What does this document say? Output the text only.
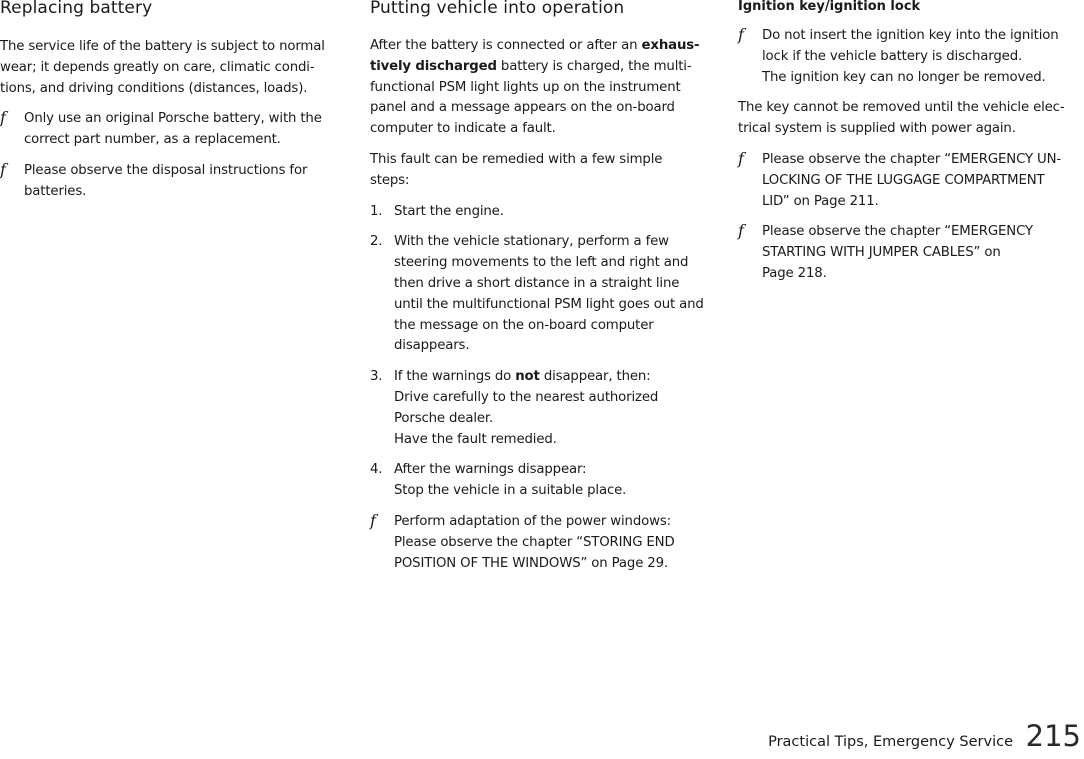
Replacing battery

The service life of the battery is subject to normal
wear; it depends greatly on care, climatic condi-
tions, and driving conditions (distances, loads).

f Only use an original Porsche battery, with the
correct part number, as a replacement.
f Please observe the disposal instructions for
batteries.
Putting vehicle into operation

After the battery is connected or after an exhaus-
tively discharged battery is charged, the multi-
functional PSM light lights up on the instrument
panel and a message appears on the on-board
computer to indicate a fault.

This fault can be remedied with a few simple
steps:

1. Start the engine.
2. With the vehicle stationary, perform a few
steering movements to the left and right and
then drive a short distance in a straight line
until the multifunctional PSM light goes out and
the message on the on-board computer
disappears.
3. If the warnings do not disappear, then:
Drive carefully to the nearest authorized
Porsche dealer.
Have the fault remedied.
4. After the warnings disappear:
Stop the vehicle in a suitable place.
f Perform adaptation of the power windows:
Please observe the chapter “STORING END
POSITION OF THE WINDOWS” on Page 29.
Ignition key/ignition lock
f Do not insert the ignition key into the ignition
lock if the vehicle battery is discharged.
The ignition key can no longer be removed.

The key cannot be removed until the vehicle elec-
trical system is supplied with power again.

f Please observe the chapter “EMERGENCY UN-
LOCKING OF THE LUGGAGE COMPARTMENT
LID” on Page 211.
f Please observe the chapter “EMERGENCY
STARTING WITH JUMPER CABLES” on
Page 218.
Practical Tips, Emergency Service 215
